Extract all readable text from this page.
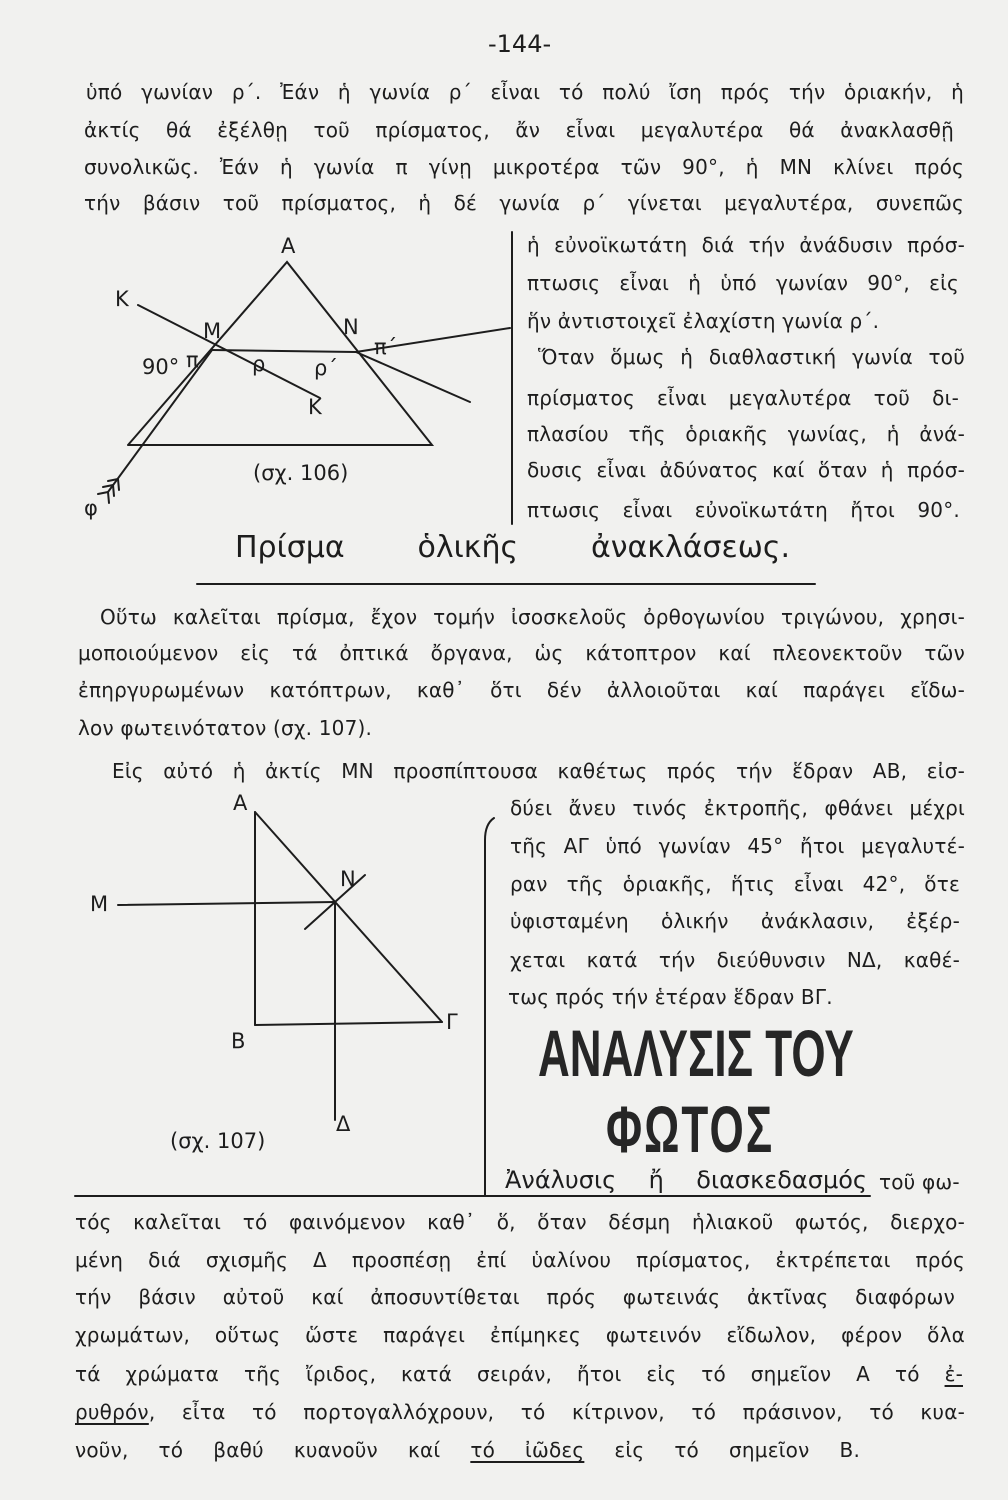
-144-
ὑπό γωνίαν ρ΄. Ἐάν ἡ γωνία ρ΄ εἶναι τό πολύ ἴση πρός τήν ὁριακήν, ἡ
ἀκτίς θά ἐξέλθῃ τοῦ πρίσματος, ἄν εἶναι μεγαλυτέρα θά ἀνακλασθῇ
συνολικῶς. Ἐάν ἡ γωνία π γίνῃ μικροτέρα τῶν 90°, ἡ ΜΝ κλίνει πρός
τήν βάσιν τοῦ πρίσματος, ἡ δέ γωνία ρ΄ γίνεται μεγαλυτέρα, συνεπῶς
ἡ εὐνοϊκωτάτη διά τήν ἀνάδυσιν πρόσ-
πτωσις εἶναι ἡ ὑπό γωνίαν 90°, εἰς
ἥν ἀντιστοιχεῖ ἐλαχίστη γωνία ρ΄.
Ὅταν ὅμως ἡ διαθλαστική γωνία τοῦ
πρίσματος εἶναι μεγαλυτέρα τοῦ δι-
πλασίου τῆς ὁριακῆς γωνίας, ἡ ἀνά-
δυσις εἶναι ἀδύνατος καί ὅταν ἡ πρόσ-
πτωσις εἶναι εὐνοϊκωτάτη ἤτοι 90°.
Α
Κ
Μ	Ν
π
π΄
ρ ρ΄
90°
Κ
φ
(σχ. 106)
Πρίσμα ὁλικῆς ἀνακλάσεως.
Οὕτω καλεῖται πρίσμα, ἔχον τομήν ἰσοσκελοῦς ὀρθογωνίου τριγώνου, χρησι-
μοποιούμενον εἰς τά ὀπτικά ὄργανα, ὡς κάτοπτρον καί πλεονεκτοῦν τῶν
ἐπηργυρωμένων κατόπτρων, καθ᾽ ὅτι δέν ἀλλοιοῦται καί παράγει εἴδω-
λον φωτεινότατον (σχ. 107).
Εἰς αὐτό ἡ ἀκτίς ΜΝ προσπίπτουσα καθέτως πρός τήν ἕδραν ΑΒ, εἰσ-
δύει ἄνευ τινός ἐκτροπῆς, φθάνει μέχρι
τῆς ΑΓ ὑπό γωνίαν 45° ἤτοι μεγαλυτέ-
ραν τῆς ὁριακῆς, ἥτις εἶναι 42°, ὅτε
ὑφισταμένη ὁλικήν ἀνάκλασιν, ἐξέρ-
χεται κατά τήν διεύθυνσιν ΝΔ, καθέ-
τως πρός τήν ἑτέραν ἕδραν ΒΓ.
Α
Μ
Ν
Β
Γ
Δ
(σχ. 107)
ΑΝΑΛΥΣΙΣ ΤΟΥ
ΦΩΤΟΣ
Ἀνάλυσις ἤ διασκεδασμός τοῦ φω-
τός καλεῖται τό φαινόμενον καθ᾽ ὅ, ὅταν δέσμη ἡλιακοῦ φωτός, διερχο-
μένη διά σχισμῆς Δ προσπέσῃ ἐπί ὑαλίνου πρίσματος, ἐκτρέπεται πρός
τήν βάσιν αὐτοῦ καί ἀποσυντίθεται πρός φωτεινάς ἀκτῖνας διαφόρων
χρωμάτων, οὕτως ὥστε παράγει ἐπίμηκες φωτεινόν εἴδωλον, φέρον ὅλα
τά χρώματα τῆς ἴριδος, κατά σειράν, ἤτοι εἰς τό σημεῖον Α τό ἐ-
ρυθρόν, εἶτα τό πορτογαλλόχρουν, τό κίτρινον, τό πράσινον, τό κυα-
νοῦν, τό βαθύ κυανοῦν καί τό ἰῶδες εἰς τό σημεῖον Β.
